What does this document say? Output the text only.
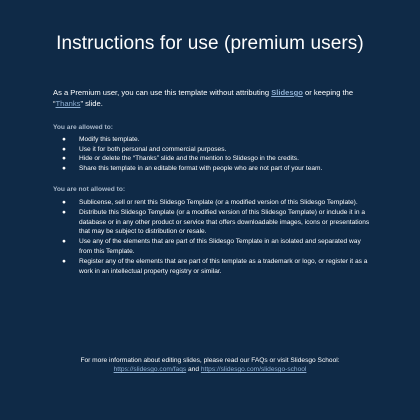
Instructions for use (premium users)
As a Premium user, you can use this template without attributing Slidesgo or keeping the “Thanks” slide.
You are allowed to:
● Modify this template.
● Use it for both personal and commercial purposes.
● Hide or delete the “Thanks” slide and the mention to Slidesgo in the credits.
● Share this template in an editable format with people who are not part of your team.
You are not allowed to:
● Sublicense, sell or rent this Slidesgo Template (or a modified version of this Slidesgo Template).
● Distribute this Slidesgo Template (or a modified version of this Slidesgo Template) or include it in a database or in any other product or service that offers downloadable images, icons or presentations that may be subject to distribution or resale.
● Use any of the elements that are part of this Slidesgo Template in an isolated and separated way from this Template.
● Register any of the elements that are part of this template as a trademark or logo, or register it as a work in an intellectual property registry or similar.
For more information about editing slides, please read our FAQs or visit Slidesgo School:
https://slidesgo.com/faqs and https://slidesgo.com/slidesgo-school
